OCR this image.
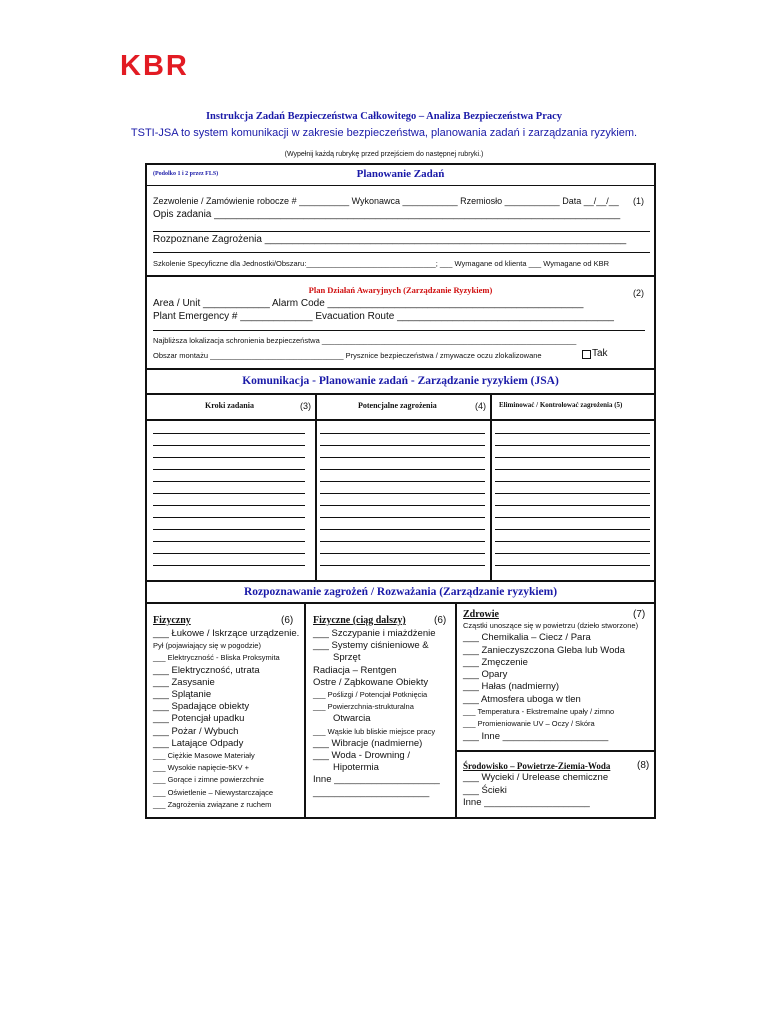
KBR
Instrukcja Zadań Bezpieczeństwa Całkowitego – Analiza Bezpieczeństwa Pracy
TSTI-JSA to system komunikacji w zakresie bezpieczeństwa, planowania zadań i zarządzania ryzykiem.
(Wypełnij każdą rubrykę przed przejściem do następnej rubryki.)
(Podolko 1 i 2 przez FLS)	Planowanie Zadań
Zezwolenie / Zamówienie robocze # __________ Wykonawca ___________ Rzemiosło ___________ Data __/__/__ (1)
Opis zadania _________________________________________________________________________
Rozpoznane Zagrożenia _________________________________________________________________
Szkolenie Specyficzne dla Jednostki/Obszaru:_______________________________; ___ Wymagane od klienta ___ Wymagane od KBR
Plan Działań Awaryjnych (Zarządzanie Ryzykiem)	(2)
Area / Unit ____________ Alarm Code ______________________________________________
Plant Emergency # _____________ Evacuation Route _______________________________________
Najbliższa lokalizacja schronienia bezpieczeństwa _____________________________________________________________
Obszar montażu ________________________________ Prysznice bezpieczeństwa / zmywacze oczu zlokalizowane	Tak
Komunikacja - Planowanie zadań - Zarządzanie ryzykiem (JSA)
Kroki zadania	(3)	Potencjalne zagrożenia	(4) Eliminować / Kontrolować zagrożenia (5)
Rozpoznawanie zagrożeń / Rozważania (Zarządzanie ryzykiem)
Fizyczny	(6)
___ Łukowe / Iskrzące urządzenie.
Pył (pojawiający się w pogodzie)
___ Elektryczność - Bliska Proksymita
___ Elektryczność, utrata
___ Zasysanie
___ Splątanie
___ Spadające obiekty
___ Potencjał upadku
___ Pożar / Wybuch
___ Latające Odpady
___ Ciężkie Masowe Materiały
___ Wysokie napięcie-5KV +
___ Gorące i zimne powierzchnie
___ Oświetlenie – Niewystarczające
___ Zagrożenia związane z ruchem
Fizyczne (ciąg dalszy)	(6)
___ Szczypanie i miażdżenie
___ Systemy ciśnieniowe &
Sprzęt
Radiacja – Rentgen
Ostre / Ząbkowane Obiekty
___ Poślizgi / Potencjał Potknięcia
___ Powierzchnia-strukturalna
Otwarcia
___ Wąskie lub bliskie miejsce pracy
___ Wibracje (nadmierne)
___ Woda - Drowning /
Hipotermia
Inne ____________________
______________________
Zdrowie	(7)
Cząstki unoszące się w powietrzu (dzieło stworzone)
___ Chemikalia – Ciecz / Para
___ Zanieczyszczona Gleba lub Woda
___ Zmęczenie
___ Opary
___ Hałas (nadmierny)
___ Atmosfera uboga w tlen
___ Temperatura - Ekstremalne upały / zimno
___ Promieniowanie UV – Oczy / Skóra
___ Inne ____________________
Środowisko – Powietrze-Ziemia-Woda	(8)
___ Wycieki / Urelease chemiczne
___ Ścieki
Inne ____________________
